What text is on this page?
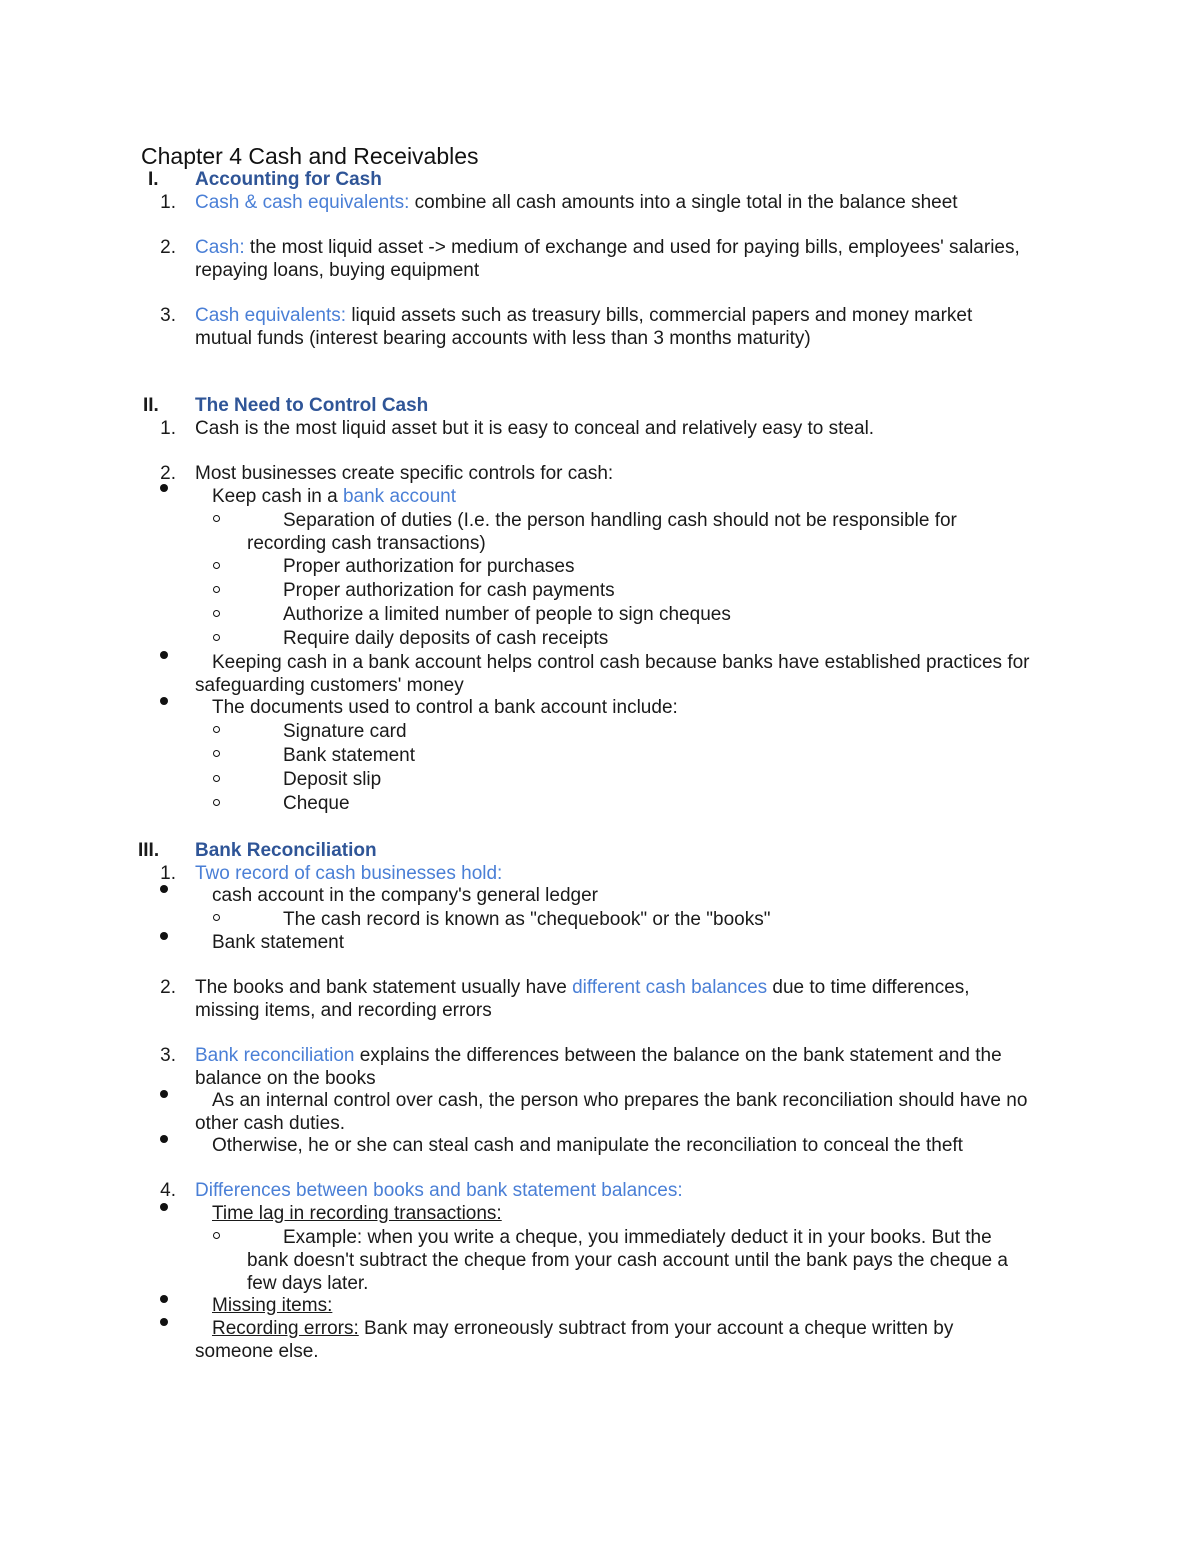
Chapter 4 Cash and Receivables
I. Accounting for Cash
1. Cash & cash equivalents: combine all cash amounts into a single total in the balance sheet
2. Cash: the most liquid asset -> medium of exchange and used for paying bills, employees' salaries,
repaying loans, buying equipment
3. Cash equivalents: liquid assets such as treasury bills, commercial papers and money market
mutual funds (interest bearing accounts with less than 3 months maturity)
II. The Need to Control Cash
1. Cash is the most liquid asset but it is easy to conceal and relatively easy to steal.
2. Most businesses create specific controls for cash:
Keep cash in a bank account
Separation of duties (I.e. the person handling cash should not be responsible for
recording cash transactions)
Proper authorization for purchases
Proper authorization for cash payments
Authorize a limited number of people to sign cheques
Require daily deposits of cash receipts
Keeping cash in a bank account helps control cash because banks have established practices for
safeguarding customers' money
The documents used to control a bank account include:
Signature card
Bank statement
Deposit slip
Cheque
III. Bank Reconciliation
1. Two record of cash businesses hold:
cash account in the company's general ledger
The cash record is known as "chequebook" or the "books"
Bank statement
2. The books and bank statement usually have different cash balances due to time differences,
missing items, and recording errors
3. Bank reconciliation explains the differences between the balance on the bank statement and the
balance on the books
As an internal control over cash, the person who prepares the bank reconciliation should have no
other cash duties.
Otherwise, he or she can steal cash and manipulate the reconciliation to conceal the theft
4. Differences between books and bank statement balances:
Time lag in recording transactions:
Example: when you write a cheque, you immediately deduct it in your books. But the
bank doesn't subtract the cheque from your cash account until the bank pays the cheque a
few days later.
Missing items:
Recording errors: Bank may erroneously subtract from your account a cheque written by
someone else.
